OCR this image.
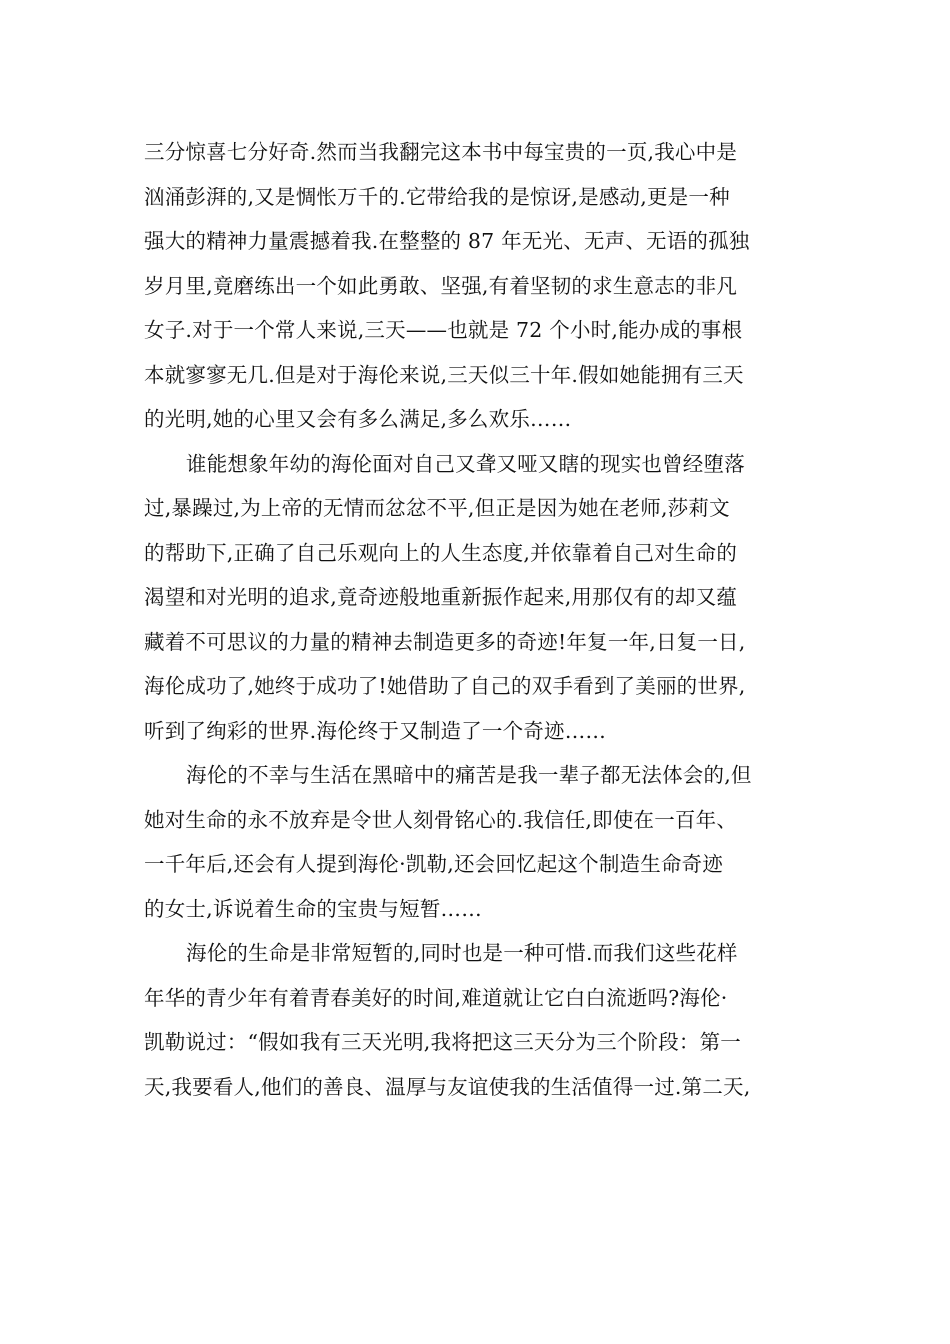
三分惊喜七分好奇.然而当我翻完这本书中每宝贵的一页,我心中是
汹涌彭湃的,又是惆怅万千的.它带给我的是惊讶,是感动,更是一种
强大的精神力量震撼着我.在整整的 87 年无光、无声、无语的孤独
岁月里,竟磨练出一个如此勇敢、坚强,有着坚韧的求生意志的非凡
女子.对于一个常人来说,三天——也就是 72 个小时,能办成的事根
本就寥寥无几.但是对于海伦来说,三天似三十年.假如她能拥有三天
的光明,她的心里又会有多么满足,多么欢乐……
谁能想象年幼的海伦面对自己又聋又哑又瞎的现实也曾经堕落
过,暴躁过,为上帝的无情而忿忿不平,但正是因为她在老师,莎莉文
的帮助下,正确了自己乐观向上的人生态度,并依靠着自己对生命的
渴望和对光明的追求,竟奇迹般地重新振作起来,用那仅有的却又蕴
藏着不可思议的力量的精神去制造更多的奇迹!年复一年,日复一日,
海伦成功了,她终于成功了!她借助了自己的双手看到了美丽的世界,
听到了绚彩的世界.海伦终于又制造了一个奇迹……
海伦的不幸与生活在黑暗中的痛苦是我一辈子都无法体会的,但
她对生命的永不放弃是令世人刻骨铭心的.我信任,即使在一百年、
一千年后,还会有人提到海伦·凯勒,还会回忆起这个制造生命奇迹
的女士,诉说着生命的宝贵与短暂……
海伦的生命是非常短暂的,同时也是一种可惜.而我们这些花样
年华的青少年有着青春美好的时间,难道就让它白白流逝吗?海伦·
凯勒说过：“假如我有三天光明,我将把这三天分为三个阶段：第一
天,我要看人,他们的善良、温厚与友谊使我的生活值得一过.第二天,
